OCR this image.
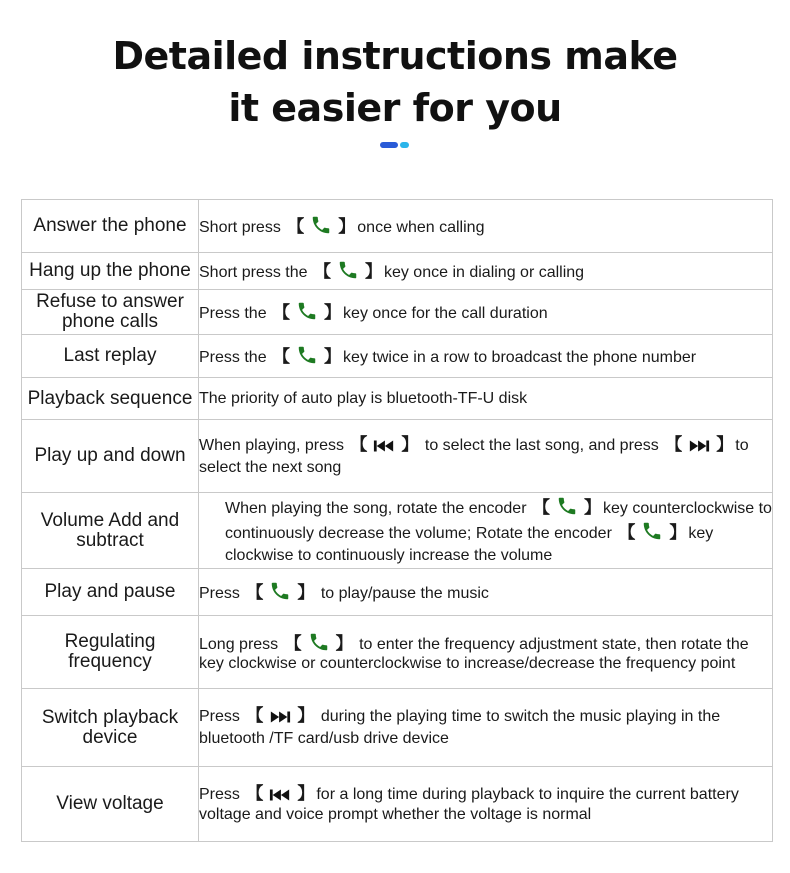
Detailed instructions make
it easier for you
Answer the phone	Short press 【 】 once when calling
Hang up the phone	Short press the 【 】 key once in dialing or calling
Refuse to answer phone calls	Press the 【 】 key once for the call duration
Last replay	Press the 【 】 key twice in a row to broadcast the phone number
Playback sequence	The priority of auto play is bluetooth-TF-U disk
Play up and down	When playing, press 【 】 to select the last song, and press 【 】 to select the next song
Volume Add and subtract	When playing the song, rotate the encoder 【 】 key counterclockwise to continuously decrease the volume; Rotate the encoder 【 】 key clockwise to continuously increase the volume
Play and pause	Press 【 】 to play/pause the music
Regulating frequency	Long press 【 】 to enter the frequency adjustment state, then rotate the key clockwise or counterclockwise to increase/decrease the frequency point
Switch playback device	Press 【 】 during the playing time to switch the music playing in the bluetooth /TF card/usb drive device
View voltage	Press 【 】 for a long time during playback to inquire the current battery voltage and voice prompt whether the voltage is normal
